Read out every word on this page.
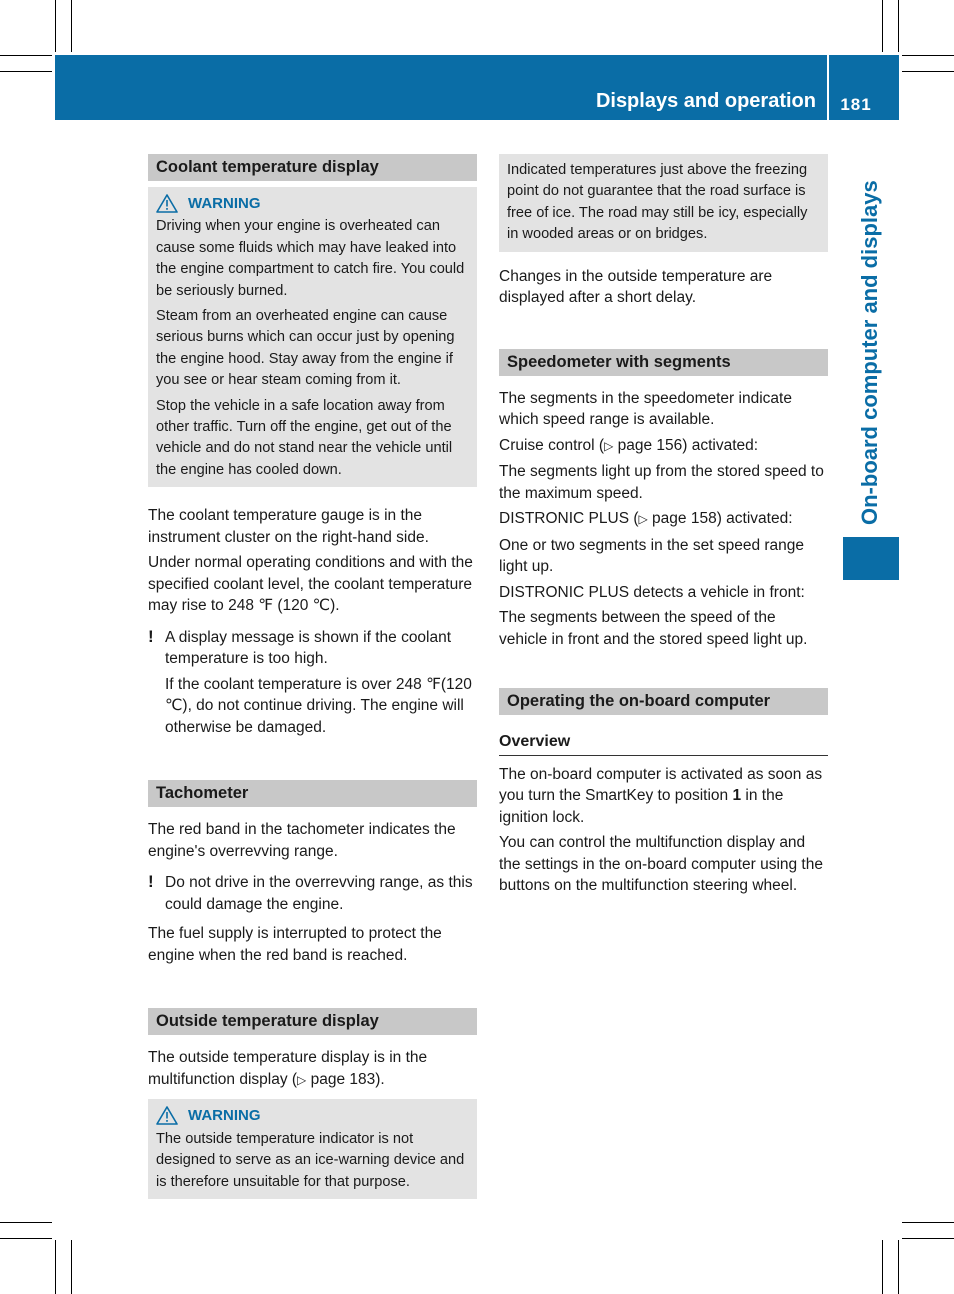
Displays and operation	181
On-board computer and displays
Coolant temperature display
WARNING

Driving when your engine is overheated can cause some fluids which may have leaked into the engine compartment to catch fire. You could be seriously burned.

Steam from an overheated engine can cause serious burns which can occur just by opening the engine hood. Stay away from the engine if you see or hear steam coming from it.

Stop the vehicle in a safe location away from other traffic. Turn off the engine, get out of the vehicle and do not stand near the vehicle until the engine has cooled down.

The coolant temperature gauge is in the instrument cluster on the right-hand side.

Under normal operating conditions and with the specified coolant level, the coolant temperature may rise to 248 ℉ (120 ℃).

! A display message is shown if the coolant temperature is too high.

If the coolant temperature is over 248 ℉(120 ℃), do not continue driving. The engine will otherwise be damaged.

Tachometer

The red band in the tachometer indicates the engine's overrevving range.

! Do not drive in the overrevving range, as this could damage the engine.

The fuel supply is interrupted to protect the engine when the red band is reached.

Outside temperature display

The outside temperature display is in the multifunction display (▷ page 183).

WARNING

The outside temperature indicator is not designed to serve as an ice-warning device and is therefore unsuitable for that purpose.

Indicated temperatures just above the freezing point do not guarantee that the road surface is free of ice. The road may still be icy, especially in wooded areas or on bridges.

Changes in the outside temperature are displayed after a short delay.

Speedometer with segments

The segments in the speedometer indicate which speed range is available.

Cruise control (▷ page 156) activated:

The segments light up from the stored speed to the maximum speed.

DISTRONIC PLUS (▷ page 158) activated:

One or two segments in the set speed range light up.

DISTRONIC PLUS detects a vehicle in front:

The segments between the speed of the vehicle in front and the stored speed light up.

Operating the on-board computer
Overview

The on-board computer is activated as soon as you turn the SmartKey to position 1 in the ignition lock.

You can control the multifunction display and the settings in the on-board computer using the buttons on the multifunction steering wheel.
